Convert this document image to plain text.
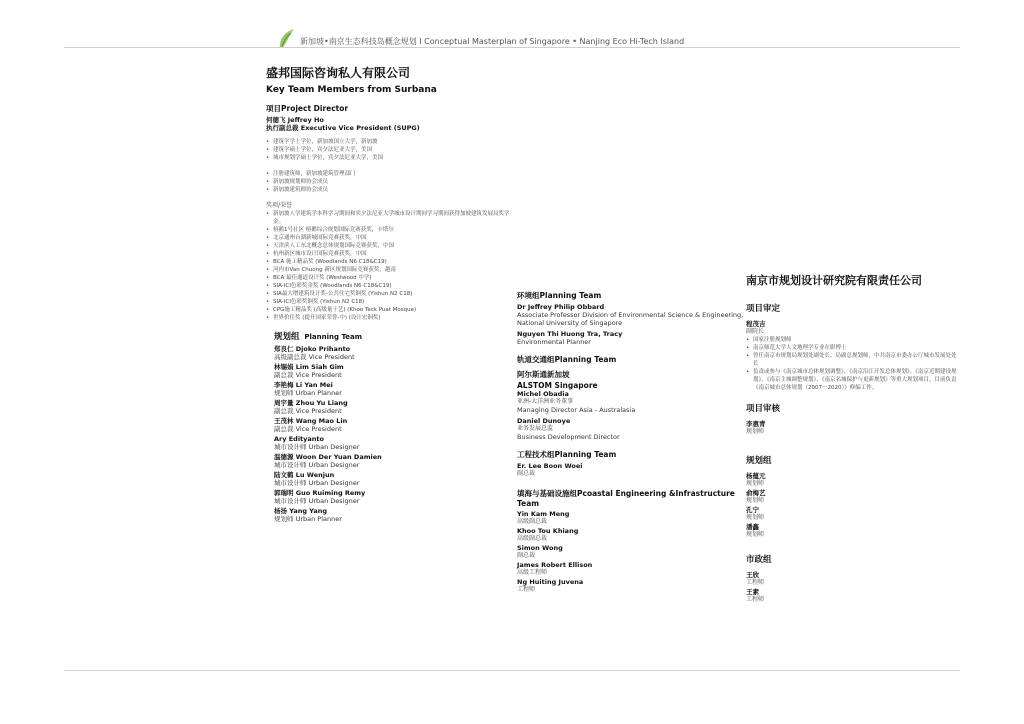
新加坡•南京生态科技岛概念规划 I Conceptual Masterplan of Singapore • Nanjing Eco Hi-Tech Island
盛邦国际咨询私人有限公司
Key Team Members from Surbana
项目Project Director
何德飞 Jeffrey Ho
执行副总裁 Executive Vice President (SUPG)
• 建筑学学士学位，新加坡国立大学，新加坡
• 建筑学硕士学位，宾夕法尼亚大学，美国
• 城市规划学硕士学位，宾夕法尼亚大学，美国
• 注册建筑师，新加坡建筑管理部门
• 新加坡规划师协会成员
• 新加坡建筑师协会成员
奖项/荣誉
• 新加坡人学建筑学本科学习期间和宾夕法尼亚大学城市设计期间学习期间获得加坡建筑发展局奖学金。
• 榜鹅1号社区 榜鹅综合规划国际竞赛获奖，卡塔尔
• 北京通州台湖新城国际竞赛获奖，中国
• 天津滨人工东北概念总体规划国际竞赛获奖，中国
• 杭州新区城市设计国际竞赛获奖，中国
• BCA 施工精品奖 (Woodlands N6 C18&C19)
• 河内市Van Chuong 新区规划国际竞赛获奖，越南
• BCA 最佳通道设计奖 (Westwood 中学)
• SIA-ICI色彩奖金奖 (Woodlands N6 C18&C19)
• SIA最大增建筑设计奖-公共住宅奖铜奖 (Yishun N2 C18)
• SIA-ICI色彩奖铜奖 (Yishun N2 C18)
• CPG施工精品奖 (高级量干艺) (Khoo Teck Puat Mosque)
• 世界价住奖 (提升国家荣誉-中) (设计宏铜奖)
规划组 Planning Team
郑良仁 Djoko Prihanto
高级副总裁 Vice President
林锡娟 Lim Siah Gim
副总裁 Vice President
李艳梅 Li Yan Mei
规划师 Urban Planner
周宇量 Zhou Yu Liang
副总裁 Vice President
王茂林 Wang Mao Lin
副总裁 Vice President
Ary Edityanto
城市设计师 Urban Designer
温德源 Woon Der Yuan Damien
城市设计师 Urban Designer
陆文鹤 Lu Wenjun
城市设计师 Urban Designer
郭瑞明 Guo Ruiming Remy
城市设计师 Urban Designer
杨扬 Yang Yang
规划师 Urban Planner
环境组Planning Team
Dr Jeffrey Philip Obbard
Associate Professor Division of Environmental Science & Engineering, National University of Singapore
Nguyen Thi Huong Tra, Tracy
Environmental Planner
轨道交通组Planning Team
阿尔斯通新加坡
ALSTOM Singapore
Michel Obadia
亚洲-大洋洲业务董事
Managing Director Asia - Australasia
Daniel Dunoye
业务发展总监
Business Development Director
工程技术组Planning Team
Er. Lee Boon Woei
副总裁
填海与基础设施组Pcoastal Engineering &Infrastructure Team
Yin Kam Meng
高级副总裁
Khoo Tou Khiang
高级副总裁
Simon Wong
副总裁
James Robert Ellison
高级工程师
Ng Huiting Juvena
工程师
南京市规划设计研究院有限责任公司
项目审定
程茂吉
副院长
• 国家注册规划师
• 南京师范大学人文地理学专业在职博士
• 曾任南京市规划局规划处副处长、局副总规划师，中共南京市委办公厅城市发展处处长
• 负责或参与《南京城市总体规划调整》、《南京沿江开发总体规划》、《南京近期建设规划》、《南京主城调整规划》、《南京名城保护与更新规划》等重大规划项目，目前负责《南京城市总体规划（2007－2020）》修编工作。
项目审核
李惠青
规划师
规划组
杨蕴元
规划师
俞梅艺
规划师
孔宁
规划师
潘鑫
规划师
市政组
王欣
工程师
王素
工程师
